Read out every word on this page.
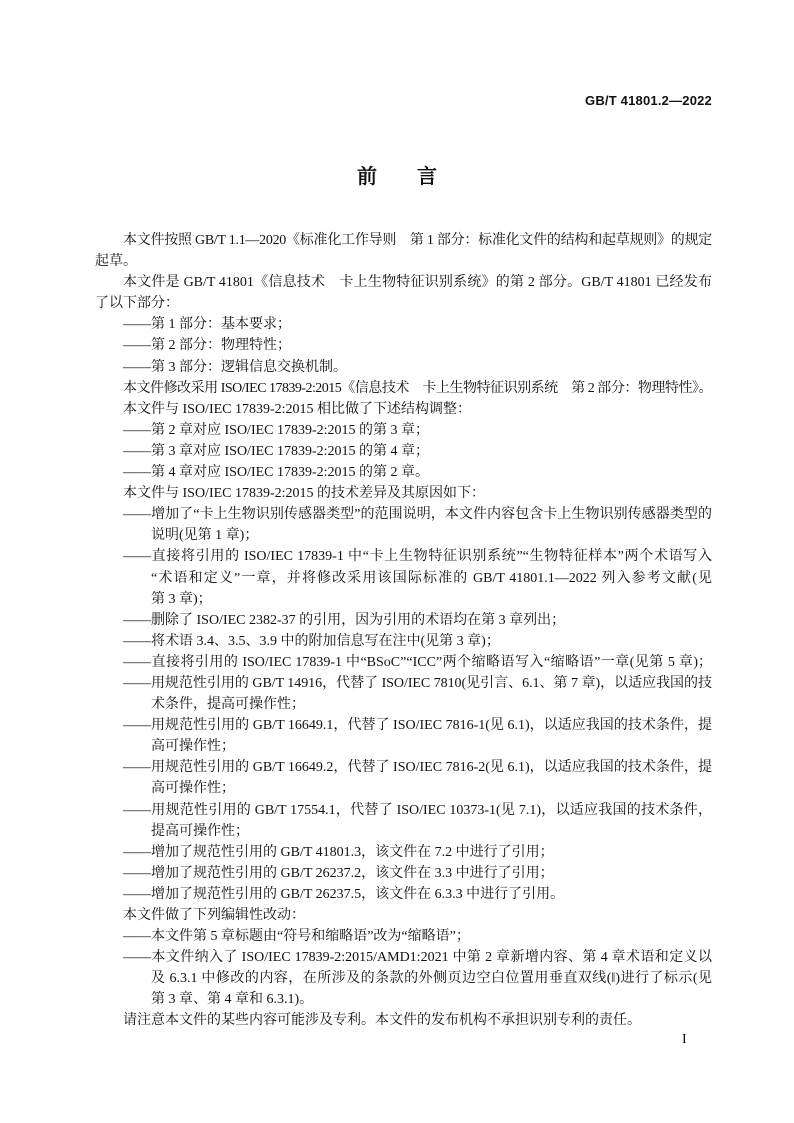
GB/T 41801.2—2022
前　　言
本文件按照 GB/T 1.1—2020《标准化工作导则　第 1 部分：标准化文件的结构和起草规则》的规定
起草。
本文件是 GB/T 41801《信息技术　卡上生物特征识别系统》的第 2 部分。GB/T 41801 已经发布
了以下部分：
——第 1 部分：基本要求；
——第 2 部分：物理特性；
——第 3 部分：逻辑信息交换机制。
本文件修改采用 ISO/IEC 17839-2:2015《信息技术　卡上生物特征识别系统　第 2 部分：物理特性》。
本文件与 ISO/IEC 17839-2:2015 相比做了下述结构调整：
——第 2 章对应 ISO/IEC 17839-2:2015 的第 3 章；
——第 3 章对应 ISO/IEC 17839-2:2015 的第 4 章；
——第 4 章对应 ISO/IEC 17839-2:2015 的第 2 章。
本文件与 ISO/IEC 17839-2:2015 的技术差异及其原因如下：
——增加了“卡上生物识别传感器类型”的范围说明，本文件内容包含卡上生物识别传感器类型的
说明(见第 1 章)；
——直接将引用的 ISO/IEC 17839-1 中“卡上生物特征识别系统”“生物特征样本”两个术语写入
“术语和定义”一章，并将修改采用该国际标准的 GB/T 41801.1—2022 列入参考文献(见
第 3 章)；
——删除了 ISO/IEC 2382-37 的引用，因为引用的术语均在第 3 章列出；
——将术语 3.4、3.5、3.9 中的附加信息写在注中(见第 3 章)；
——直接将引用的 ISO/IEC 17839-1 中“BSoC”“ICC”两个缩略语写入“缩略语”一章(见第 5 章)；
——用规范性引用的 GB/T 14916，代替了 ISO/IEC 7810(见引言、6.1、第 7 章)，以适应我国的技
术条件，提高可操作性；
——用规范性引用的 GB/T 16649.1，代替了 ISO/IEC 7816-1(见 6.1)，以适应我国的技术条件，提
高可操作性；
——用规范性引用的 GB/T 16649.2，代替了 ISO/IEC 7816-2(见 6.1)，以适应我国的技术条件，提
高可操作性；
——用规范性引用的 GB/T 17554.1，代替了 ISO/IEC 10373-1(见 7.1)，以适应我国的技术条件，
提高可操作性；
——增加了规范性引用的 GB/T 41801.3，该文件在 7.2 中进行了引用；
——增加了规范性引用的 GB/T 26237.2，该文件在 3.3 中进行了引用；
——增加了规范性引用的 GB/T 26237.5，该文件在 6.3.3 中进行了引用。
本文件做了下列编辑性改动：
——本文件第 5 章标题由“符号和缩略语”改为“缩略语”；
——本文件纳入了 ISO/IEC 17839-2:2015/AMD1:2021 中第 2 章新增内容、第 4 章术语和定义以
及 6.3.1 中修改的内容，在所涉及的条款的外侧页边空白位置用垂直双线(‖)进行了标示(见
第 3 章、第 4 章和 6.3.1)。
请注意本文件的某些内容可能涉及专利。本文件的发布机构不承担识别专利的责任。
I
